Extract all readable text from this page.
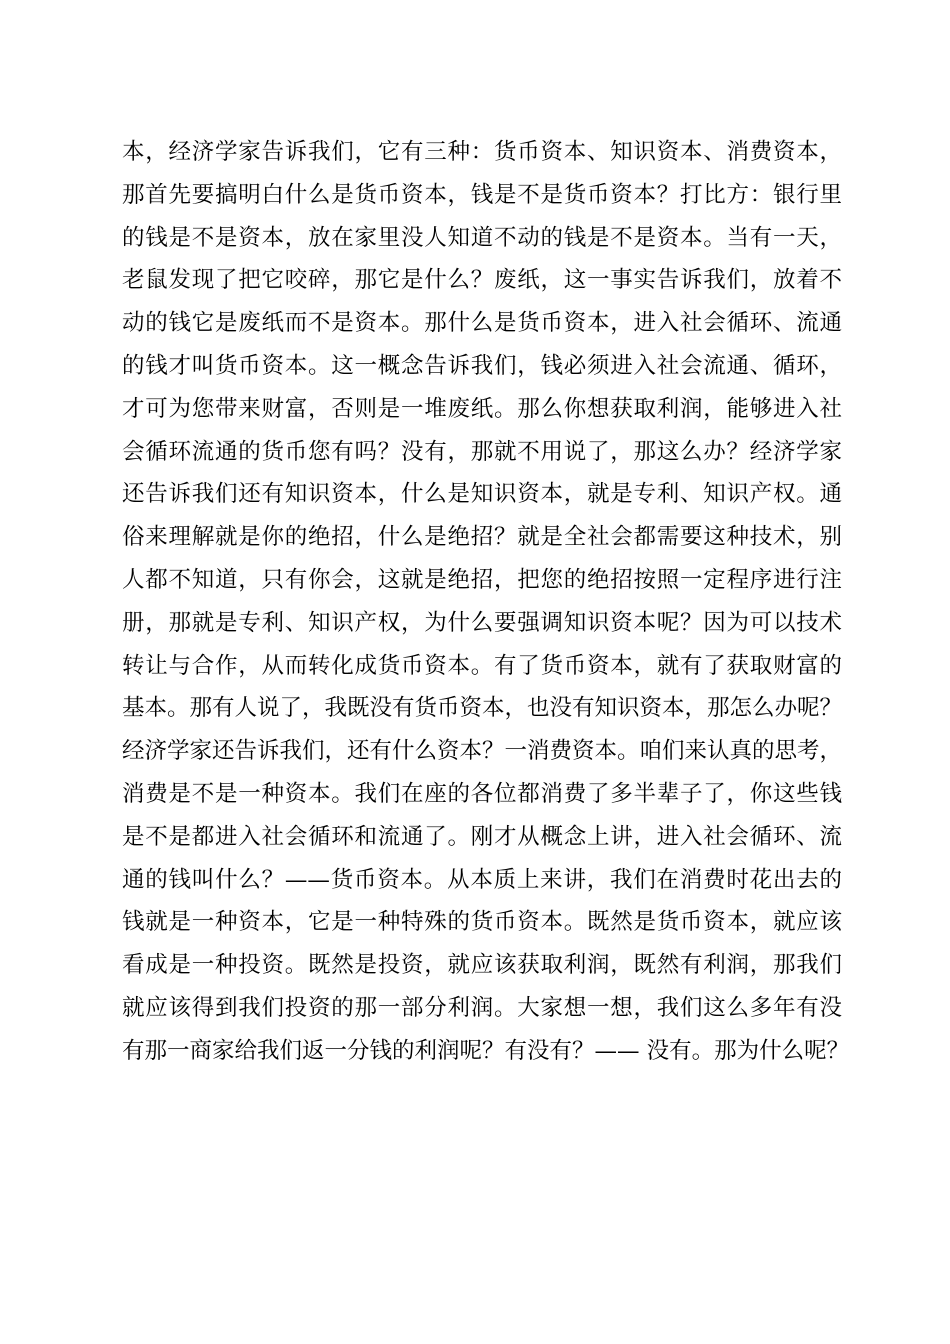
本，经济学家告诉我们，它有三种：货币资本、知识资本、消费资本，
那首先要搞明白什么是货币资本，钱是不是货币资本？打比方：银行里
的钱是不是资本，放在家里没人知道不动的钱是不是资本。当有一天，
老鼠发现了把它咬碎，那它是什么？废纸，这一事实告诉我们，放着不
动的钱它是废纸而不是资本。那什么是货币资本，进入社会循环、流通
的钱才叫货币资本。这一概念告诉我们，钱必须进入社会流通、循环，
才可为您带来财富，否则是一堆废纸。那么你想获取利润，能够进入社
会循环流通的货币您有吗？没有，那就不用说了，那这么办？经济学家
还告诉我们还有知识资本，什么是知识资本，就是专利、知识产权。通
俗来理解就是你的绝招，什么是绝招？就是全社会都需要这种技术，别
人都不知道，只有你会，这就是绝招，把您的绝招按照一定程序进行注
册，那就是专利、知识产权，为什么要强调知识资本呢？因为可以技术
转让与合作，从而转化成货币资本。有了货币资本，就有了获取财富的
基本。那有人说了，我既没有货币资本，也没有知识资本，那怎么办呢？
经济学家还告诉我们，还有什么资本？一消费资本。咱们来认真的思考，
消费是不是一种资本。我们在座的各位都消费了多半辈子了，你这些钱
是不是都进入社会循环和流通了。刚才从概念上讲，进入社会循环、流
通的钱叫什么？——货币资本。从本质上来讲，我们在消费时花出去的
钱就是一种资本，它是一种特殊的货币资本。既然是货币资本，就应该
看成是一种投资。既然是投资，就应该获取利润，既然有利润，那我们
就应该得到我们投资的那一部分利润。大家想一想，我们这么多年有没
有那一商家给我们返一分钱的利润呢？有没有？—— 没有。那为什么呢？
